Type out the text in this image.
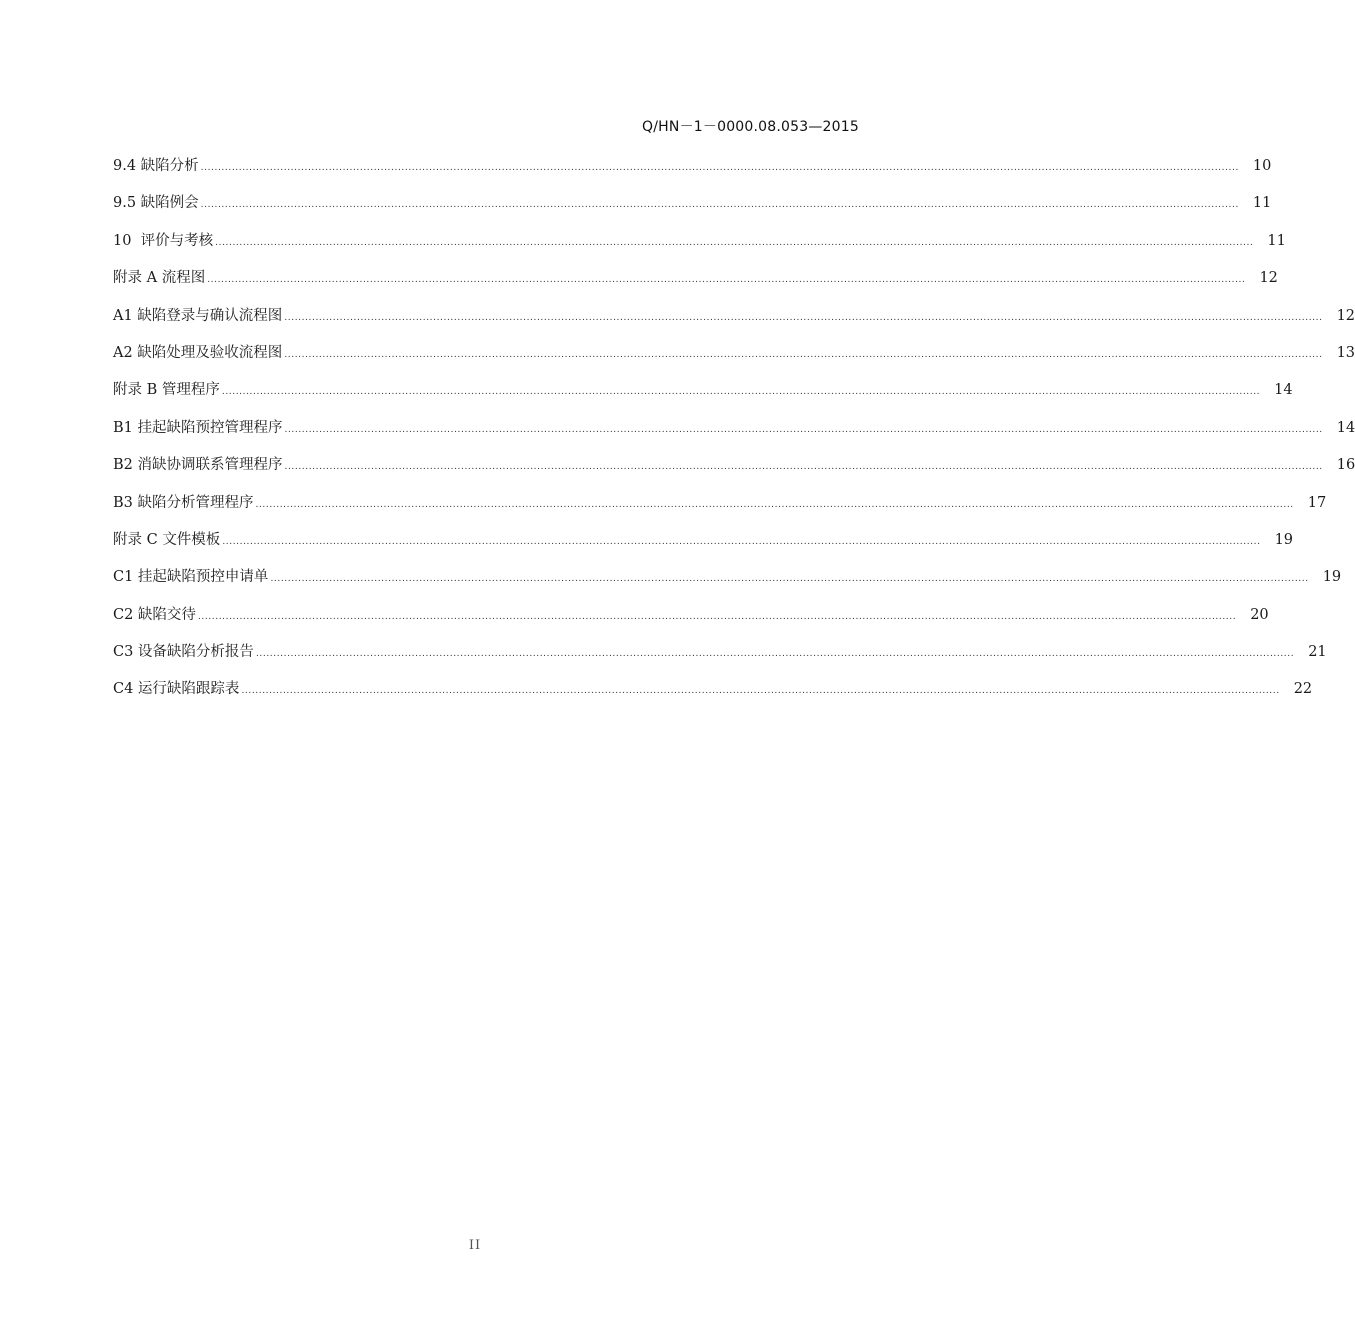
Q/HN－1－0000.08.053—2015
9.4 缺陷分析 ............................................................................................................................................................................................................................................................................................................ 10
9.5 缺陷例会 ............................................................................................................................................................................................................................................................................................................ 11
10  评价与考核 ............................................................................................................................................................................................................................................................................................................ 11
附录 A 流程图 ............................................................................................................................................................................................................................................................................................................ 12
A1 缺陷登录与确认流程图 ............................................................................................................................................................................................................................................................................................................ 12
A2 缺陷处理及验收流程图 ............................................................................................................................................................................................................................................................................................................ 13
附录 B 管理程序 ............................................................................................................................................................................................................................................................................................................ 14
B1 挂起缺陷预控管理程序 ............................................................................................................................................................................................................................................................................................................ 14
B2 消缺协调联系管理程序 ............................................................................................................................................................................................................................................................................................................ 16
B3 缺陷分析管理程序 ............................................................................................................................................................................................................................................................................................................ 17
附录 C 文件模板 ............................................................................................................................................................................................................................................................................................................ 19
C1 挂起缺陷预控申请单 ............................................................................................................................................................................................................................................................................................................ 19
C2 缺陷交待 ............................................................................................................................................................................................................................................................................................................ 20
C3 设备缺陷分析报告 ............................................................................................................................................................................................................................................................................................................ 21
C4 运行缺陷跟踪表 ............................................................................................................................................................................................................................................................................................................ 22
II
